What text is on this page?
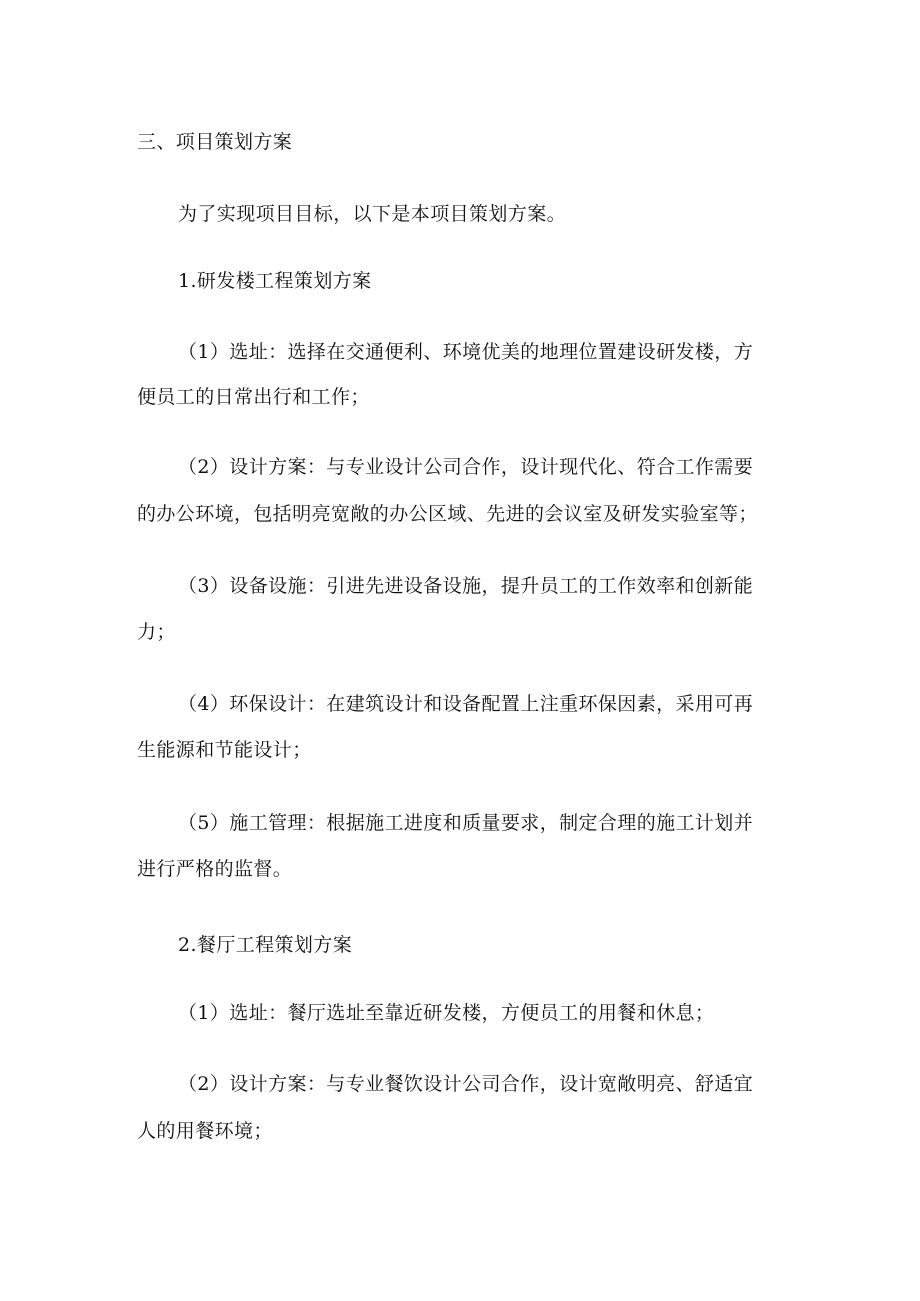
三、项目策划方案
为了实现项目目标，以下是本项目策划方案。
1.研发楼工程策划方案
（1）选址：选择在交通便利、环境优美的地理位置建设研发楼，方
便员工的日常出行和工作；
（2）设计方案：与专业设计公司合作，设计现代化、符合工作需要
的办公环境，包括明亮宽敞的办公区域、先进的会议室及研发实验室等；
（3）设备设施：引进先进设备设施，提升员工的工作效率和创新能
力；
（4）环保设计：在建筑设计和设备配置上注重环保因素，采用可再
生能源和节能设计；
（5）施工管理：根据施工进度和质量要求，制定合理的施工计划并
进行严格的监督。
2.餐厅工程策划方案
（1）选址：餐厅选址至靠近研发楼，方便员工的用餐和休息；
（2）设计方案：与专业餐饮设计公司合作，设计宽敞明亮、舒适宜
人的用餐环境；
